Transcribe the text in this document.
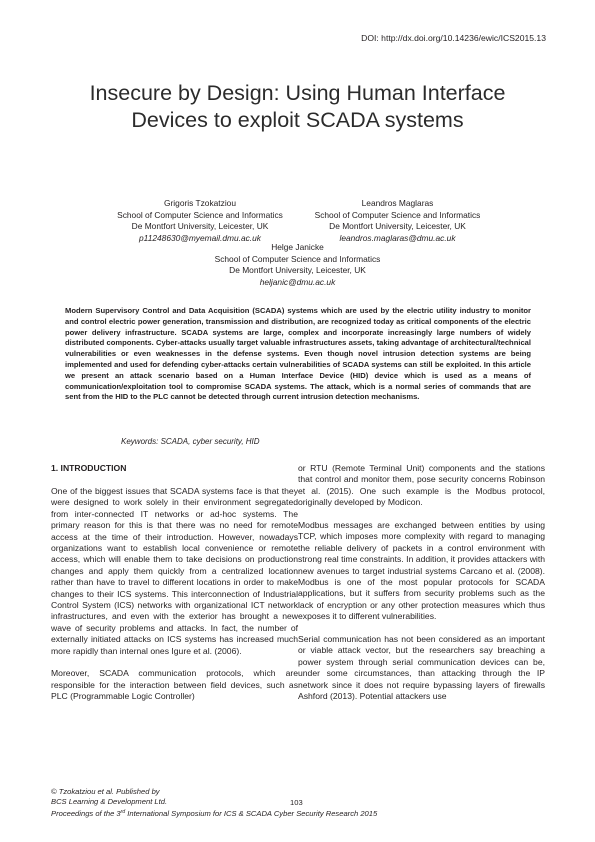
DOI: http://dx.doi.org/10.14236/ewic/ICS2015.13
Insecure by Design: Using Human Interface
Devices to exploit SCADA systems
Grigoris Tzokatziou
School of Computer Science and Informatics
De Montfort University, Leicester, UK
p11248630@myemail.dmu.ac.uk
Leandros Maglaras
School of Computer Science and Informatics
De Montfort University, Leicester, UK
leandros.maglaras@dmu.ac.uk
Helge Janicke
School of Computer Science and Informatics
De Montfort University, Leicester, UK
heljanic@dmu.ac.uk
Modern Supervisory Control and Data Acquisition (SCADA) systems which are used by the electric utility industry to monitor and control electric power generation, transmission and distribution, are recognized today as critical components of the electric power delivery infrastructure. SCADA systems are large, complex and incorporate increasingly large numbers of widely distributed components. Cyber-attacks usually target valuable infrastructures assets, taking advantage of architectural/technical vulnerabilities or even weaknesses in the defense systems. Even though novel intrusion detection systems are being implemented and used for defending cyber-attacks certain vulnerabilities of SCADA systems can still be exploited. In this article we present an attack scenario based on a Human Interface Device (HID) device which is used as a means of communication/exploitation tool to compromise SCADA systems. The attack, which is a normal series of commands that are sent from the HID to the PLC cannot be detected through current intrusion detection mechanisms.
Keywords: SCADA, cyber security, HID
1. INTRODUCTION

One of the biggest issues that SCADA systems face is that they were designed to work solely in their environment segregated from inter-connected IT networks or ad-hoc systems. The primary reason for this is that there was no need for remote access at the time of their introduction. However, nowadays organizations want to establish local convenience or remote access, which will enable them to take decisions on production changes and apply them quickly from a centralized location rather than have to travel to different locations in order to make changes to their ICS systems. This interconnection of Industrial Control System (ICS) networks with organizational ICT network infrastructures, and even with the exterior has brought a new wave of security problems and attacks. In fact, the number of externally initiated attacks on ICS systems has increased much more rapidly than internal ones Igure et al. (2006).

Moreover, SCADA communication protocols, which are responsible for the interaction between field devices, such as PLC (Programmable Logic Controller)

or RTU (Remote Terminal Unit) components and the stations that control and monitor them, pose security concerns Robinson et al. (2015). One such example is the Modbus protocol, originally developed by Modicon.

Modbus messages are exchanged between entities by using TCP, which imposes more complexity with regard to managing the reliable delivery of packets in a control environment with strong real time constraints. In addition, it provides attackers with new avenues to target industrial systems Carcano et al. (2008). Modbus is one of the most popular protocols for SCADA applications, but it suffers from security problems such as the lack of encryption or any other protection measures which thus exposes it to different vulnerabilities.

Serial communication has not been considered as an important or viable attack vector, but the researchers say breaching a power system through serial communication devices can be, under some circumstances, than attacking through the IP network since it does not require bypassing layers of firewalls Ashford (2013). Potential attackers use

© Tzokatziou et al. Published by
BCS Learning & Development Ltd.
Proceedings of the 3rd International Symposium for ICS & SCADA Cyber Security Research 2015
103
